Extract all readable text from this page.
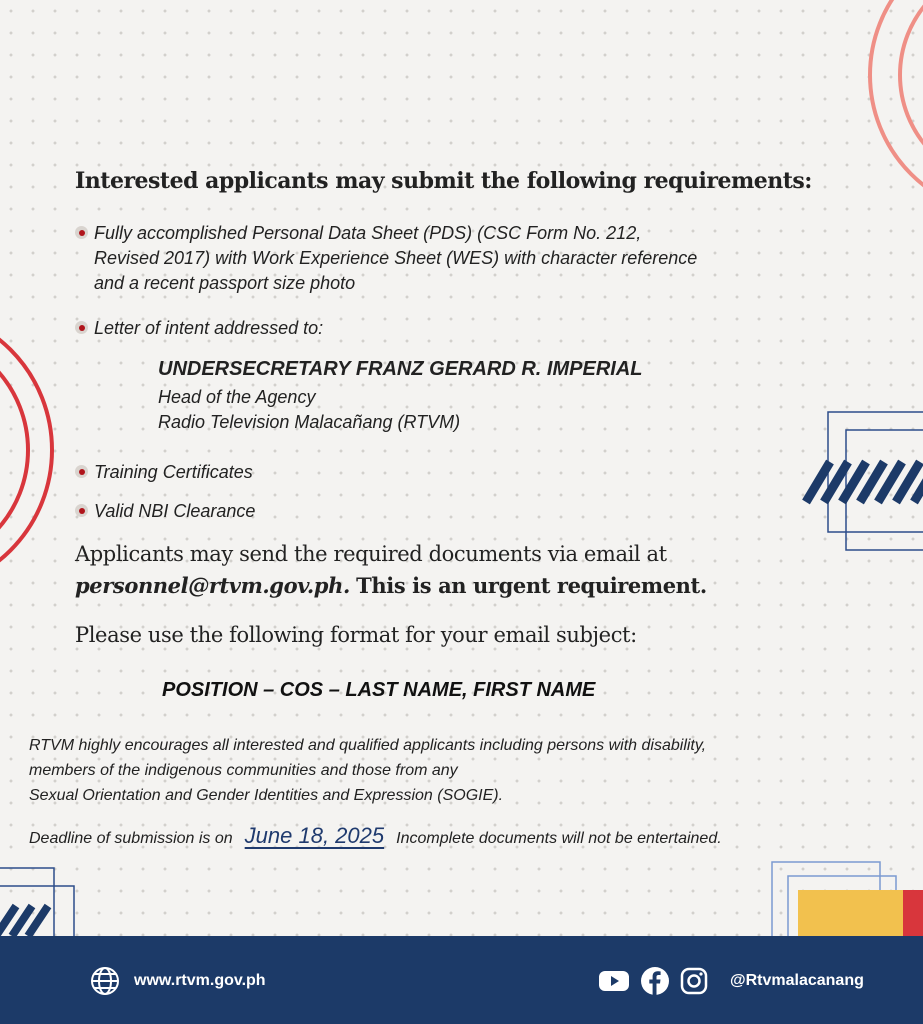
Interested applicants may submit the following requirements:
Fully accomplished Personal Data Sheet (PDS) (CSC Form No. 212,
Revised 2017) with Work Experience Sheet (WES) with character reference
and a recent passport size photo
Letter of intent addressed to:
UNDERSECRETARY FRANZ GERARD R. IMPERIAL
Head of the Agency
Radio Television Malacañang (RTVM)
Training Certificates
Valid NBI Clearance
Applicants may send the required documents via email at
personnel@rtvm.gov.ph. This is an urgent requirement.
Please use the following format for your email subject:
POSITION – COS – LAST NAME, FIRST NAME
RTVM highly encourages all interested and qualified applicants including persons with disability,
members of the indigenous communities and those from any
Sexual Orientation and Gender Identities and Expression (SOGIE).
Deadline of submission is on June 18, 2025 Incomplete documents will not be entertained.
www.rtvm.gov.ph	@Rtvmalacanang
